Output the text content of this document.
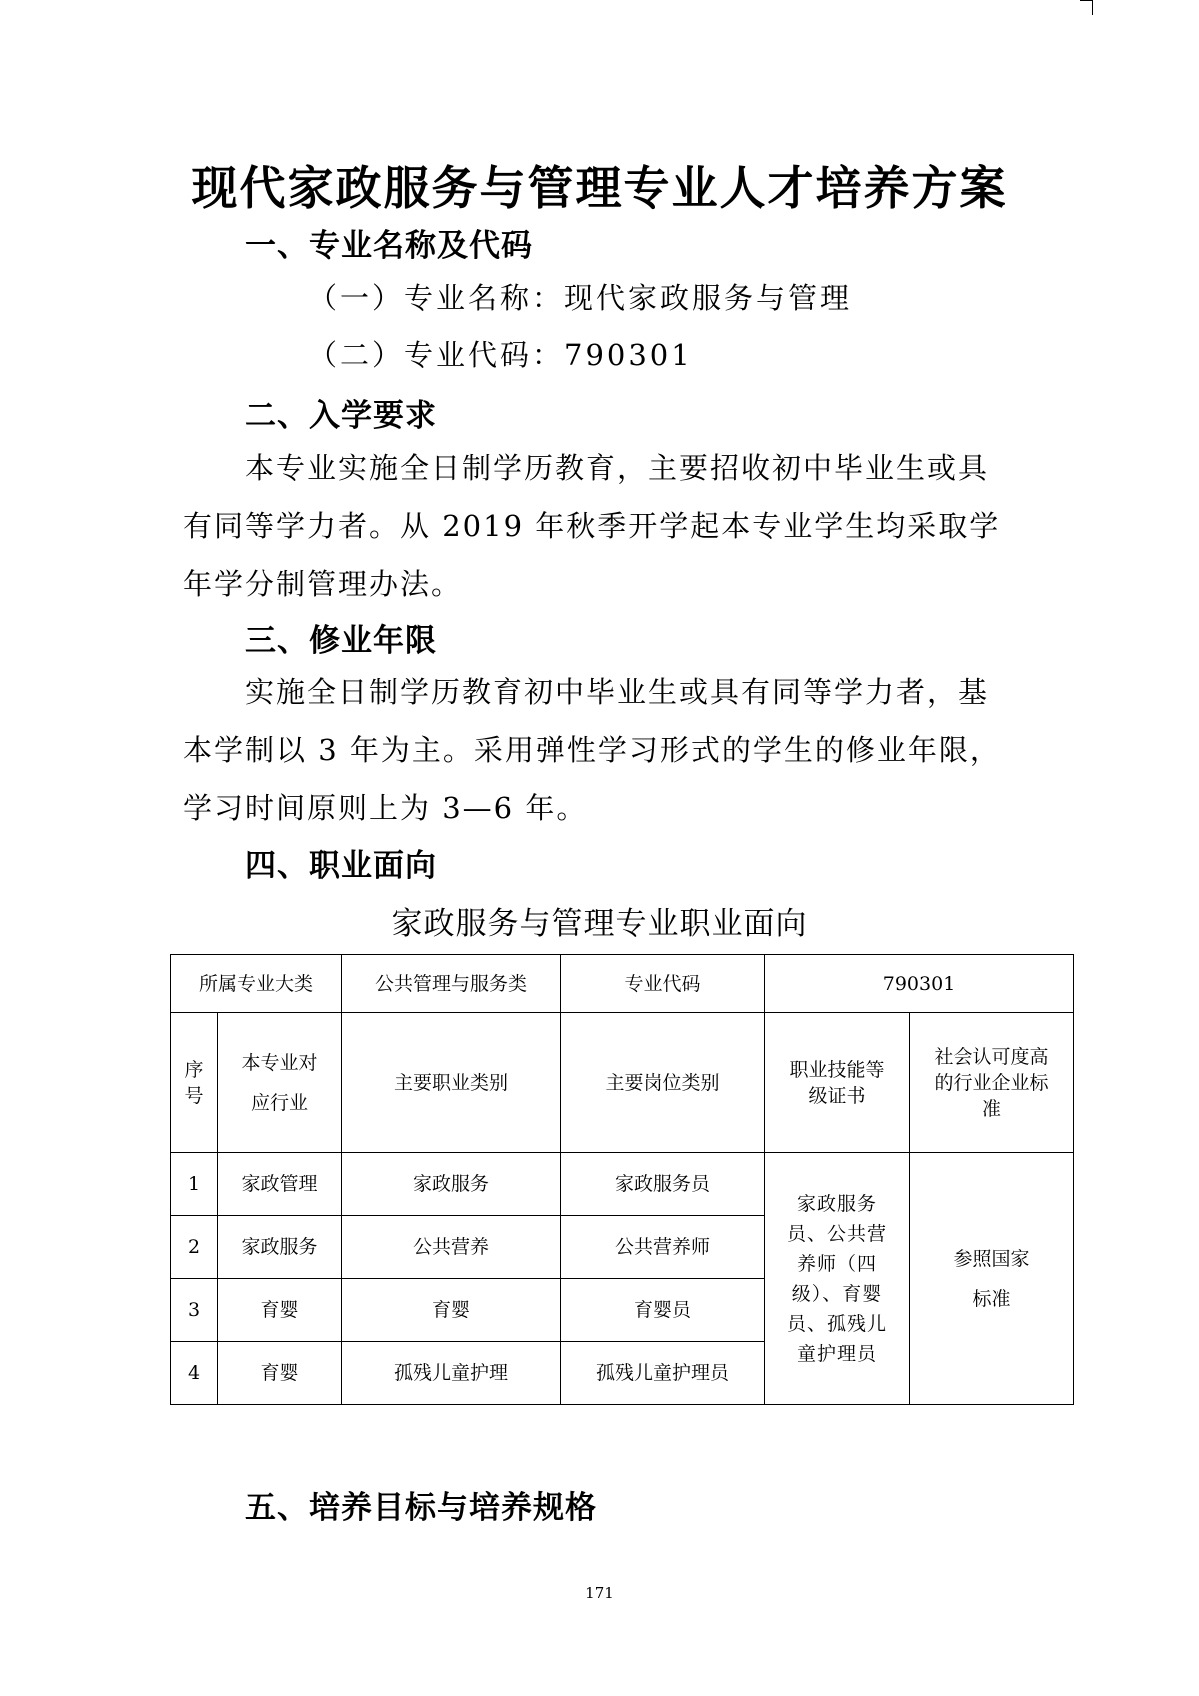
现代家政服务与管理专业人才培养方案
一、专业名称及代码
（一）专业名称：现代家政服务与管理
（二）专业代码：790301
二、入学要求
本专业实施全日制学历教育，主要招收初中毕业生或具
有同等学力者。从 2019 年秋季开学起本专业学生均采取学
年学分制管理办法。
三、修业年限
实施全日制学历教育初中毕业生或具有同等学力者，基
本学制以 3 年为主。采用弹性学习形式的学生的修业年限，
学习时间原则上为 3—6 年。
四、职业面向
家政服务与管理专业职业面向
所属专业大类		公共管理与服务类	专业代码	790301	

序号	本专业对应行业	主要职业类别	主要岗位类别	职业技能等级证书	社会认可度高的行业企业标准

1	家政管理	家政服务	家政服务员	家政服务员、公共营养师（四级）、育婴员、孤残儿童护理员	参照国家标准

2	家政服务	公共营养	公共营养师		
3	育婴	育婴	育婴员		
4	育婴	孤残儿童护理	孤残儿童护理员		
五、培养目标与培养规格
171
